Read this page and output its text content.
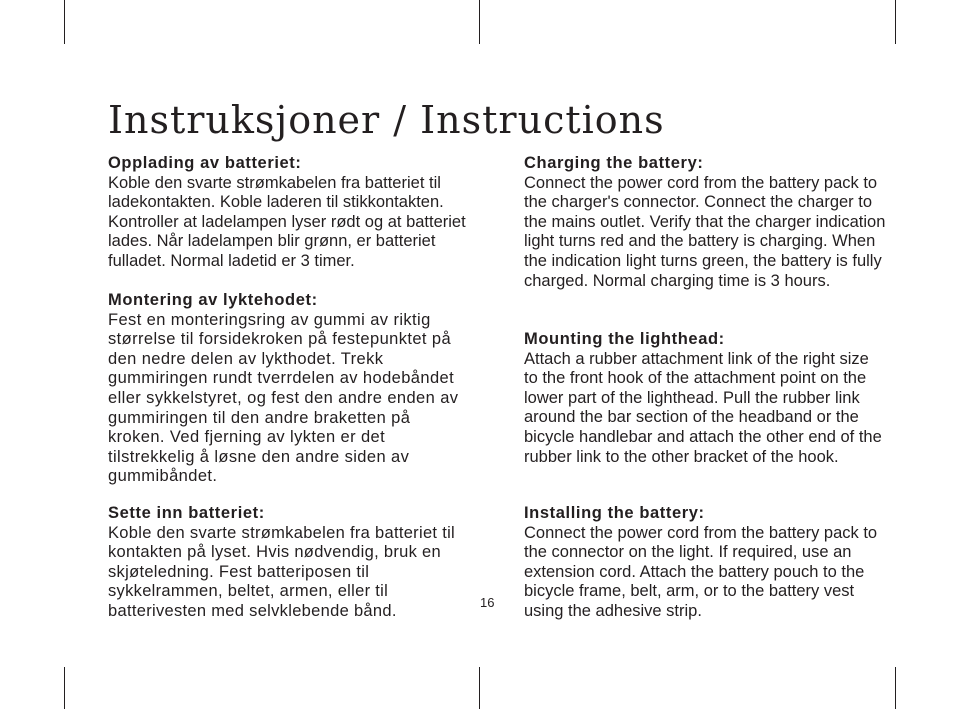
Instruksjoner / Instructions
Opplading av batteriet:

Koble den svarte strømkabelen fra batteriet til ladekontakten. Koble laderen til stikkontakten. Kontroller at ladelampen lyser rødt og at batteriet lades. Når ladelampen blir grønn, er batteriet fulladet. Normal ladetid er 3 timer.

Montering av lyktehodet:

Fest en monteringsring av gummi av riktig størrelse til forsidekroken på festepunktet på den nedre delen av lykthodet. Trekk gummiringen rundt tverrdelen av hodebåndet eller sykkelstyret, og fest den andre enden av gummiringen til den andre braketten på kroken. Ved fjerning av lykten er det tilstrekkelig å løsne den andre siden av gummibåndet.

Sette inn batteriet:

Koble den svarte strømkabelen fra batteriet til kontakten på lyset. Hvis nødvendig, bruk en skjøteledning. Fest batteriposen til sykkelrammen, beltet, armen, eller til batterivesten med selvklebende bånd.

Charging the battery:

Connect the power cord from the battery pack to the charger's connector. Connect the charger to the mains outlet. Verify that the charger indication light turns red and the battery is charging. When the indication light turns green, the battery is fully charged. Normal charging time is 3 hours.

Mounting the lighthead:

Attach a rubber attachment link of the right size to the front hook of the attachment point on the lower part of the lighthead. Pull the rubber link around the bar section of the headband or the bicycle handlebar and attach the other end of the rubber link to the other bracket of the hook.

Installing the battery:

Connect the power cord from the battery pack to the connector on the light. If required, use an extension cord. Attach the battery pouch to the bicycle frame, belt, arm, or to the battery vest using the adhesive strip.

16
